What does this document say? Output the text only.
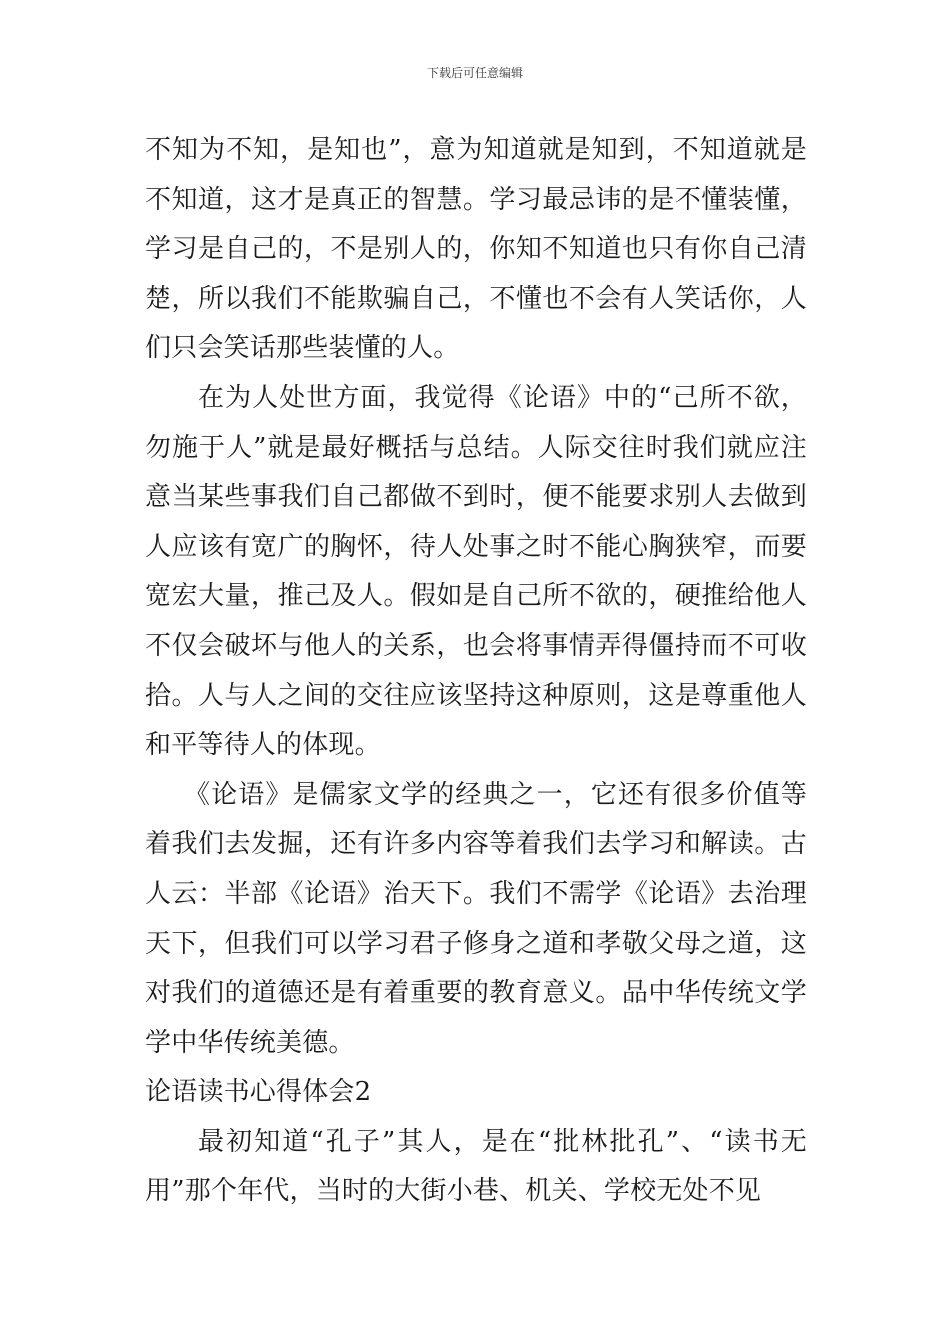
下载后可任意编辑

不知为不知，是知也”，意为知道就是知到，不知道就是不知道，这才是真正的智慧。学习最忌讳的是不懂装懂，学习是自己的，不是别人的，你知不知道也只有你自己清楚，所以我们不能欺骗自己，不懂也不会有人笑话你，人们只会笑话那些装懂的人。

在为人处世方面，我觉得《论语》中的“己所不欲，勿施于人”就是最好概括与总结。人际交往时我们就应注意当某些事我们自己都做不到时，便不能要求别人去做到人应该有宽广的胸怀，待人处事之时不能心胸狭窄，而要宽宏大量，推己及人。假如是自己所不欲的，硬推给他人不仅会破坏与他人的关系，也会将事情弄得僵持而不可收拾。人与人之间的交往应该坚持这种原则，这是尊重他人和平等待人的体现。

《论语》是儒家文学的经典之一，它还有很多价值等着我们去发掘，还有许多内容等着我们去学习和解读。古人云：半部《论语》治天下。我们不需学《论语》去治理天下，但我们可以学习君子修身之道和孝敬父母之道，这对我们的道德还是有着重要的教育意义。品中华传统文学学中华传统美德。

论语读书心得体会2

最初知道“孔子”其人，是在“批林批孔”、“读书无用”那个年代，当时的大街小巷、机关、学校无处不见
